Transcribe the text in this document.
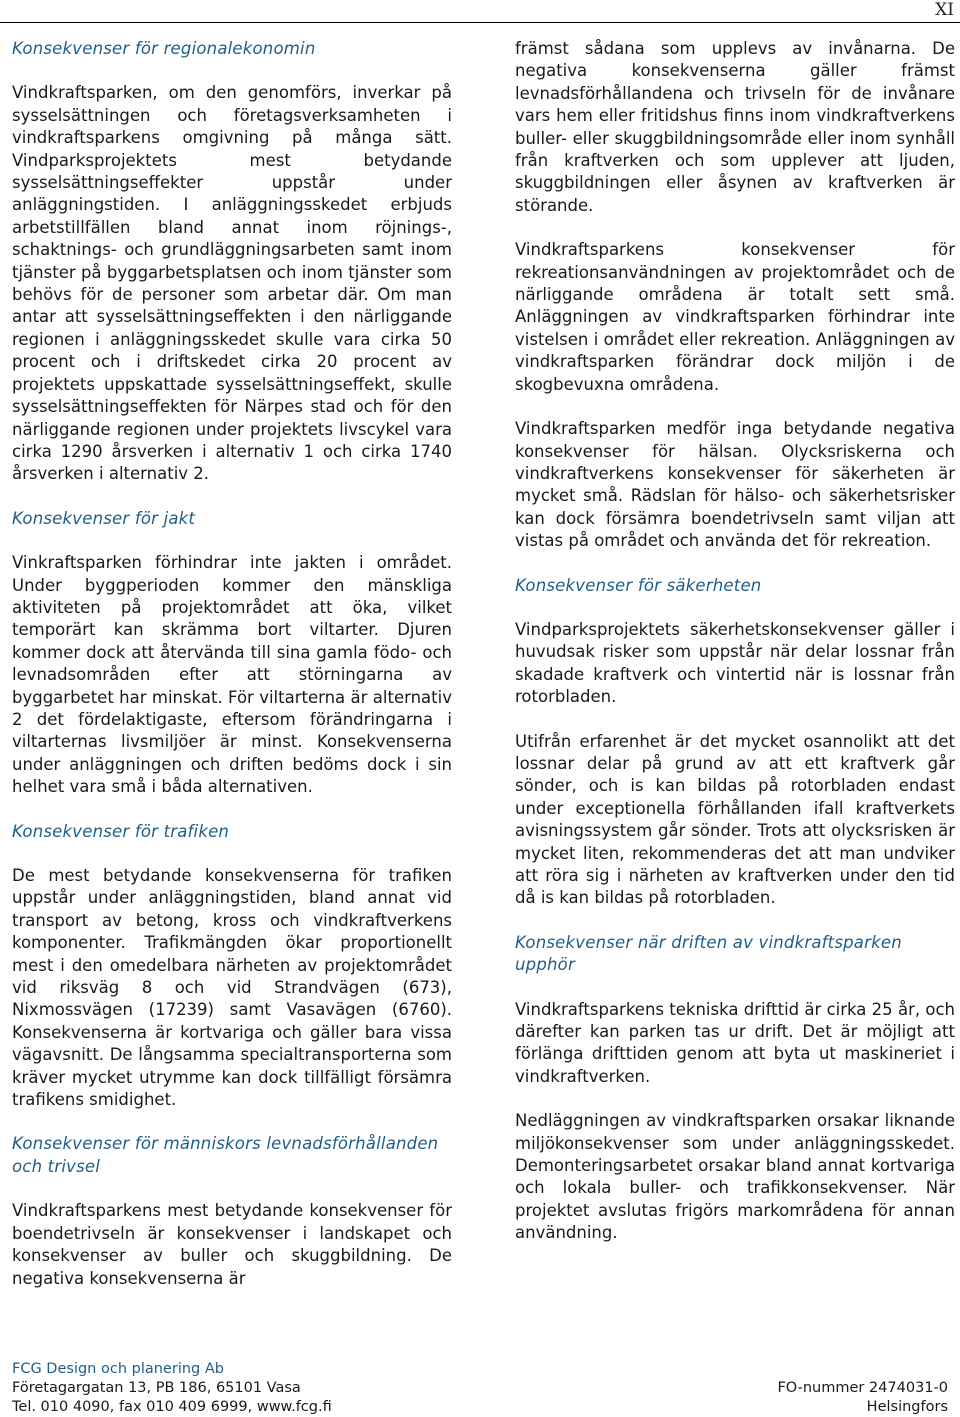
XI
Konsekvenser för regionalekonomin

Vindkraftsparken, om den genomförs, inverkar på sysselsättningen och företagsverksamheten i vindkraftsparkens omgivning på många sätt. Vindparksprojektets mest betydande sysselsättningseffekter uppstår under anläggningstiden. I anläggningsskedet erbjuds arbetstillfällen bland annat inom röjnings-, schaktnings- och grundläggningsarbeten samt inom tjänster på byggarbetsplatsen och inom tjänster som behövs för de personer som arbetar där. Om man antar att sysselsättningseffekten i den närliggande regionen i anläggningsskedet skulle vara cirka 50 procent och i driftskedet cirka 20 procent av projektets uppskattade sysselsättningseffekt, skulle sysselsättningseffekten för Närpes stad och för den närliggande regionen under projektets livscykel vara cirka 1290 årsverken i alternativ 1 och cirka 1740 årsverken i alternativ 2.

Konsekvenser för jakt

Vinkraftsparken förhindrar inte jakten i området. Under byggperioden kommer den mänskliga aktiviteten på projektområdet att öka, vilket temporärt kan skrämma bort viltarter. Djuren kommer dock att återvända till sina gamla födo- och levnadsområden efter att störningarna av byggarbetet har minskat. För viltarterna är alternativ 2 det fördelaktigaste, eftersom förändringarna i viltarternas livsmiljöer är minst. Konsekvenserna under anläggningen och driften bedöms dock i sin helhet vara små i båda alternativen.

Konsekvenser för trafiken

De mest betydande konsekvenserna för trafiken uppstår under anläggningstiden, bland annat vid transport av betong, kross och vindkraftverkens komponenter. Trafikmängden ökar proportionellt mest i den omedelbara närheten av projektområdet vid riksväg 8 och vid Strandvägen (673), Nixmossvägen (17239) samt Vasavägen (6760). Konsekvenserna är kortvariga och gäller bara vissa vägavsnitt. De långsamma specialtransporterna som kräver mycket utrymme kan dock tillfälligt försämra trafikens smidighet.

Konsekvenser för människors levnadsförhållanden och trivsel

Vindkraftsparkens mest betydande konsekvenser för boendetrivseln är konsekvenser i landskapet och konsekvenser av buller och skuggbildning. De negativa konsekvenserna är

främst sådana som upplevs av invånarna. De negativa konsekvenserna gäller främst levnadsförhållandena och trivseln för de invånare vars hem eller fritidshus finns inom vindkraftverkens buller- eller skuggbildningsområde eller inom synhåll från kraftverken och som upplever att ljuden, skuggbildningen eller åsynen av kraftverken är störande.

Vindkraftsparkens konsekvenser för rekreationsanvändningen av projektområdet och de närliggande områdena är totalt sett små. Anläggningen av vindkraftsparken förhindrar inte vistelsen i området eller rekreation. Anläggningen av vindkraftsparken förändrar dock miljön i de skogbevuxna områdena.

Vindkraftsparken medför inga betydande negativa konsekvenser för hälsan. Olycksriskerna och vindkraftverkens konsekvenser för säkerheten är mycket små. Rädslan för hälso- och säkerhetsrisker kan dock försämra boendetrivseln samt viljan att vistas på området och använda det för rekreation.

Konsekvenser för säkerheten

Vindparksprojektets säkerhetskonsekvenser gäller i huvudsak risker som uppstår när delar lossnar från skadade kraftverk och vintertid när is lossnar från rotorbladen.

Utifrån erfarenhet är det mycket osannolikt att det lossnar delar på grund av att ett kraftverk går sönder, och is kan bildas på rotorbladen endast under exceptionella förhållanden ifall kraftverkets avisningssystem går sönder. Trots att olycksrisken är mycket liten, rekommenderas det att man undviker att röra sig i närheten av kraftverken under den tid då is kan bildas på rotorbladen.

Konsekvenser när driften av vindkraftsparken upphör

Vindkraftsparkens tekniska drifttid är cirka 25 år, och därefter kan parken tas ur drift. Det är möjligt att förlänga drifttiden genom att byta ut maskineriet i vindkraftverken.

Nedläggningen av vindkraftsparken orsakar liknande miljökonsekvenser som under anläggningsskedet. Demonteringsarbetet orsakar bland annat kortvariga och lokala buller- och trafikkonsekvenser. När projektet avslutas frigörs markområdena för annan användning.

FCG Design och planering Ab
Företagargatan 13, PB 186, 65101 Vasa
Tel. 010 4090, fax 010 409 6999, www.fcg.fi
FO-nummer 2474031-0
Helsingfors
